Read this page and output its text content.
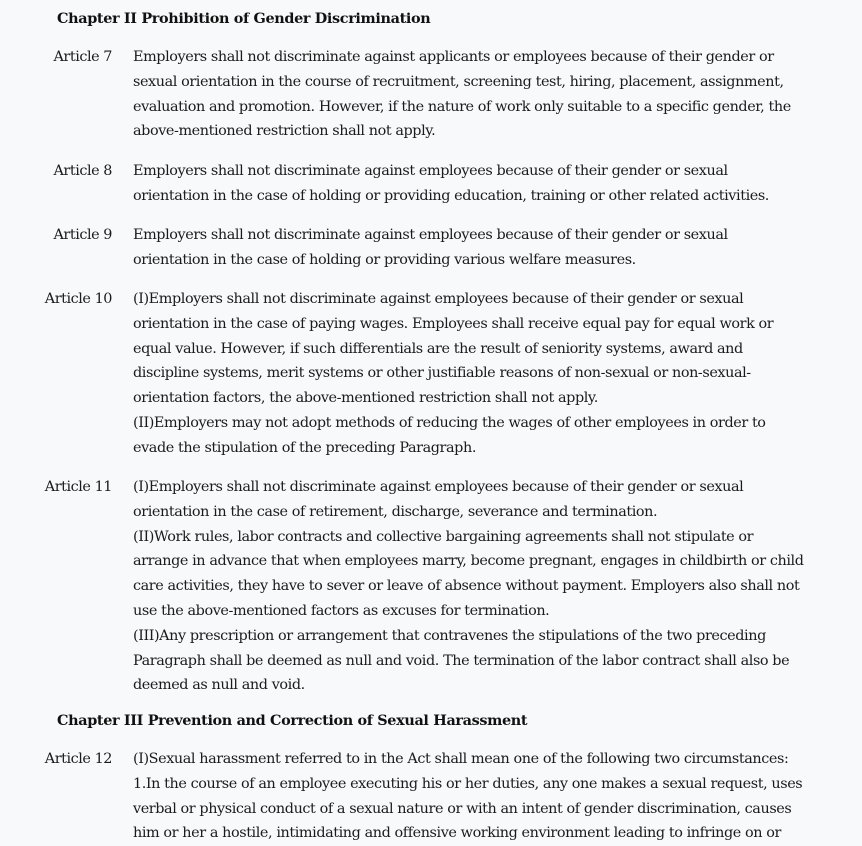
Chapter II Prohibition of Gender Discrimination
Article 7 Employers shall not discriminate against applicants or employees because of their gender or
sexual orientation in the course of recruitment, screening test, hiring, placement, assignment,
evaluation and promotion. However, if the nature of work only suitable to a specific gender, the
above-mentioned restriction shall not apply.
Article 8 Employers shall not discriminate against employees because of their gender or sexual
orientation in the case of holding or providing education, training or other related activities.
Article 9 Employers shall not discriminate against employees because of their gender or sexual
orientation in the case of holding or providing various welfare measures.
Article 10 (I)Employers shall not discriminate against employees because of their gender or sexual
orientation in the case of paying wages. Employees shall receive equal pay for equal work or
equal value. However, if such differentials are the result of seniority systems, award and
discipline systems, merit systems or other justifiable reasons of non-sexual or non-sexual-
orientation factors, the above-mentioned restriction shall not apply.
(II)Employers may not adopt methods of reducing the wages of other employees in order to
evade the stipulation of the preceding Paragraph.
Article 11 (I)Employers shall not discriminate against employees because of their gender or sexual
orientation in the case of retirement, discharge, severance and termination.
(II)Work rules, labor contracts and collective bargaining agreements shall not stipulate or
arrange in advance that when employees marry, become pregnant, engages in childbirth or child
care activities, they have to sever or leave of absence without payment. Employers also shall not
use the above-mentioned factors as excuses for termination.
(III)Any prescription or arrangement that contravenes the stipulations of the two preceding
Paragraph shall be deemed as null and void. The termination of the labor contract shall also be
deemed as null and void.
Chapter III Prevention and Correction of Sexual Harassment
Article 12 (I)Sexual harassment referred to in the Act shall mean one of the following two circumstances:
1.In the course of an employee executing his or her duties, any one makes a sexual request, uses
verbal or physical conduct of a sexual nature or with an intent of gender discrimination, causes
him or her a hostile, intimidating and offensive working environment leading to infringe on or
